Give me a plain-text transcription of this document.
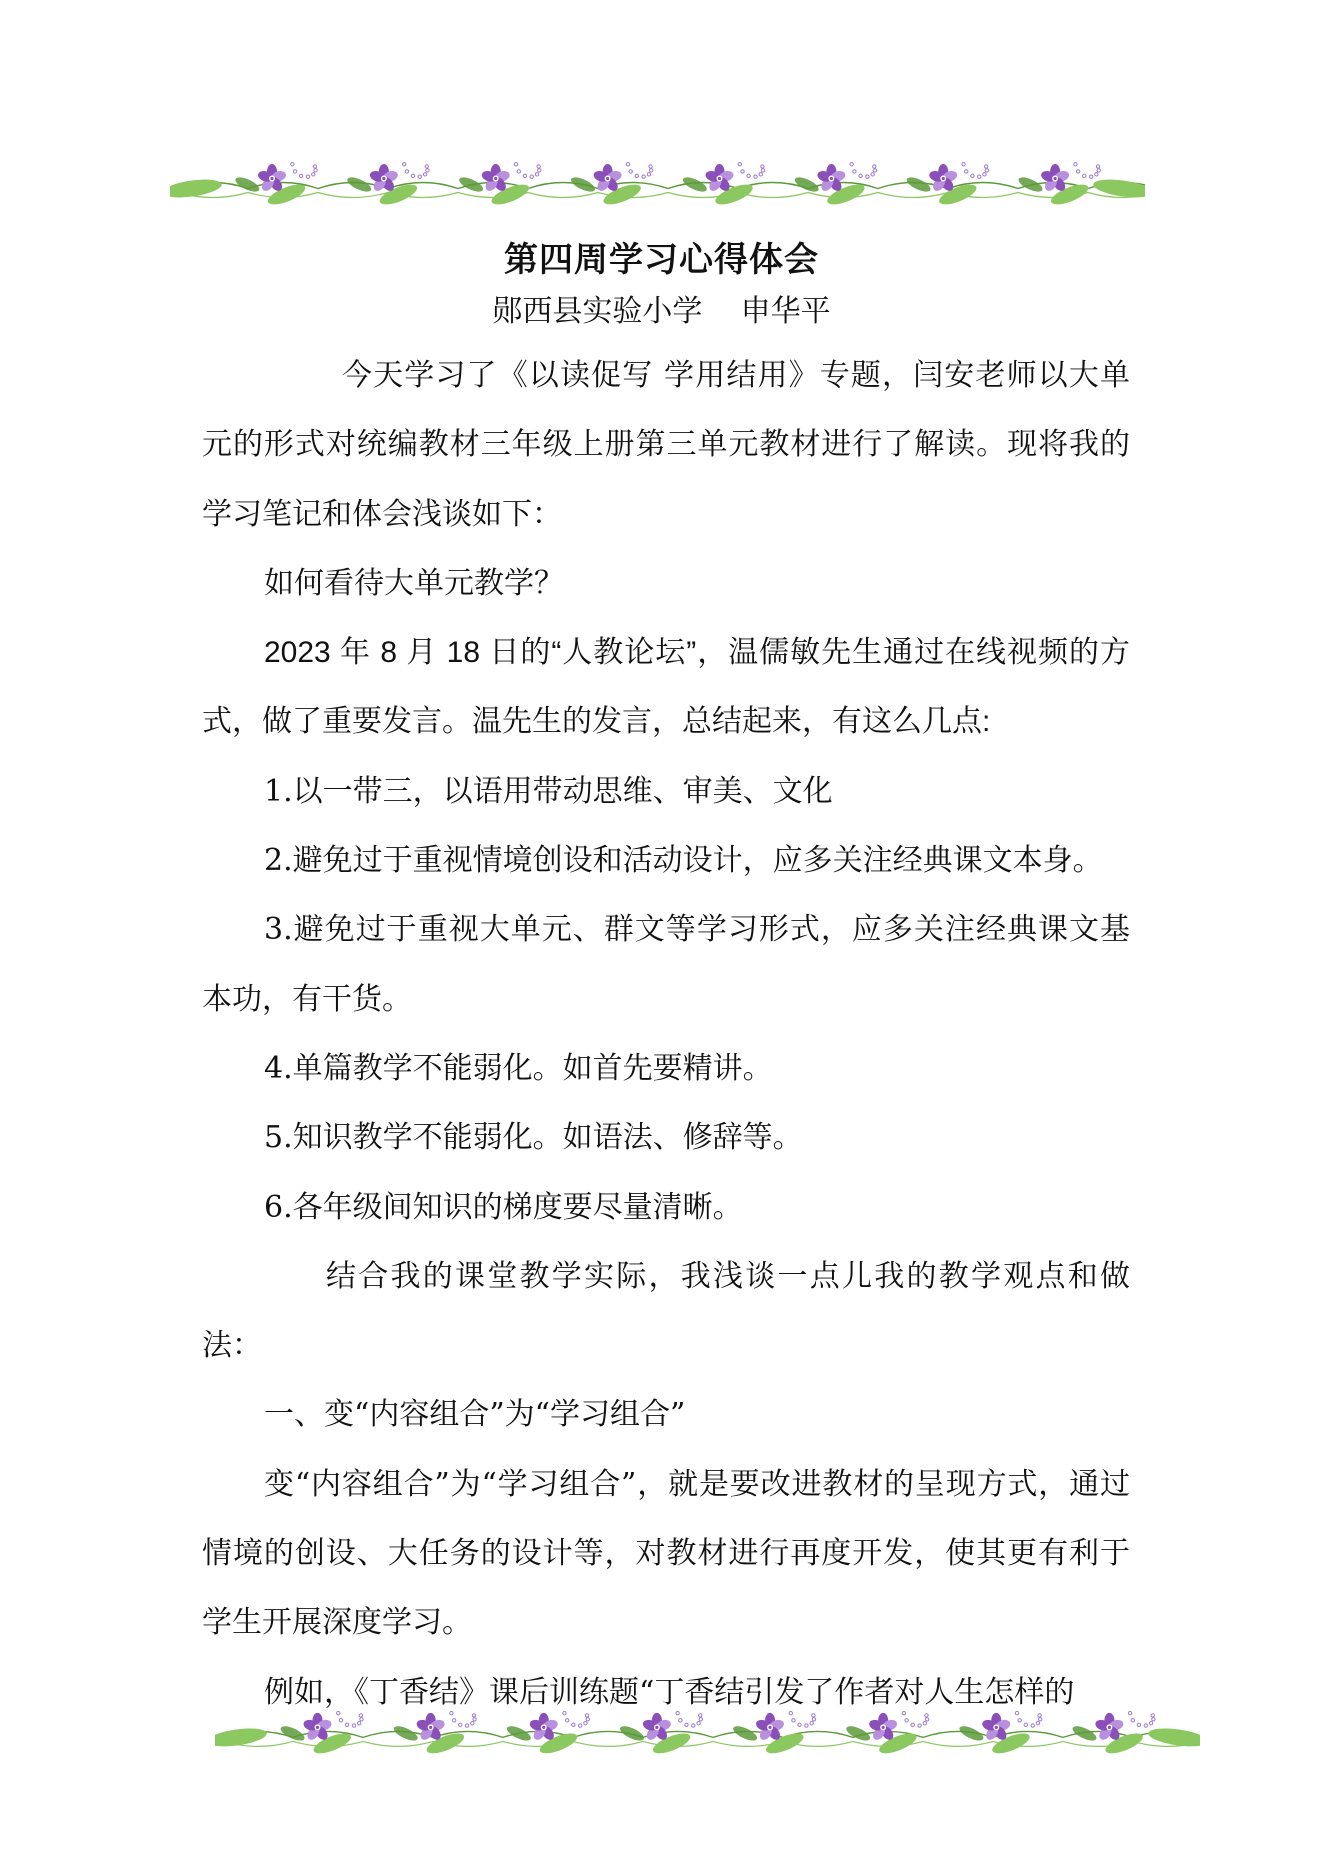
第四周学习心得体会
郧西县实验小学    申华平

今天学习了《以读促写 学用结用》专题，闫安老师以大单元的形式对统编教材三年级上册第三单元教材进行了解读。现将我的学习笔记和体会浅谈如下：

如何看待大单元教学？

2023 年 8 月 18 日的“人教论坛”，温儒敏先生通过在线视频的方式，做了重要发言。温先生的发言，总结起来，有这么几点:

1.以一带三，以语用带动思维、审美、文化

2.避免过于重视情境创设和活动设计，应多关注经典课文本身。

3.避免过于重视大单元、群文等学习形式，应多关注经典课文基本功，有干货。

4.单篇教学不能弱化。如首先要精讲。

5.知识教学不能弱化。如语法、修辞等。

6.各年级间知识的梯度要尽量清晰。

结合我的课堂教学实际，我浅谈一点儿我的教学观点和做法：

一、变“内容组合”为“学习组合”

变“内容组合”为“学习组合”，就是要改进教材的呈现方式，通过情境的创设、大任务的设计等，对教材进行再度开发，使其更有利于学生开展深度学习。

例如，《丁香结》课后训练题“丁香结引发了作者对人生怎样的
